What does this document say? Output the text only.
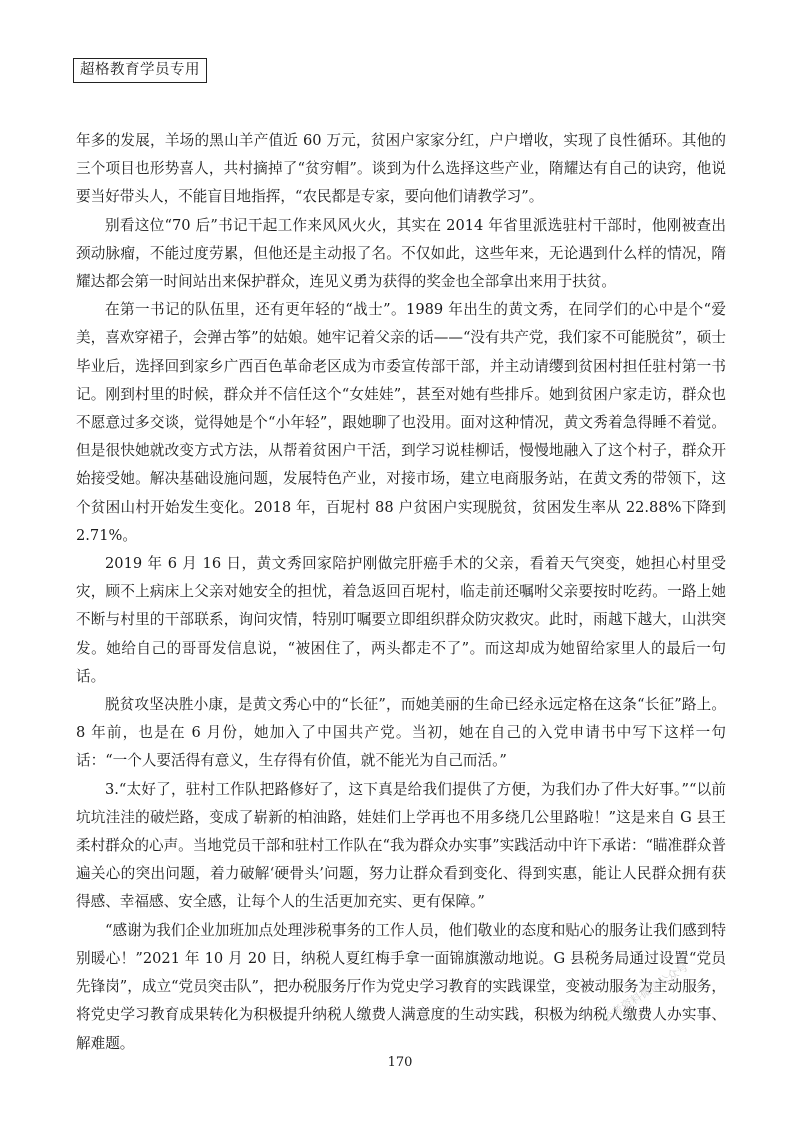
超格教育学员专用

年多的发展，羊场的黑山羊产值近 60 万元，贫困户家家分红，户户增收，实现了良性循环。其他的三个项目也形势喜人，共村摘掉了“贫穷帽”。谈到为什么选择这些产业，隋耀达有自己的诀窍，他说要当好带头人，不能盲目地指挥，“农民都是专家，要向他们请教学习”。

别看这位“70 后”书记干起工作来风风火火，其实在 2014 年省里派选驻村干部时，他刚被查出颈动脉瘤，不能过度劳累，但他还是主动报了名。不仅如此，这些年来，无论遇到什么样的情况，隋耀达都会第一时间站出来保护群众，连见义勇为获得的奖金也全部拿出来用于扶贫。

在第一书记的队伍里，还有更年轻的“战士”。1989 年出生的黄文秀，在同学们的心中是个“爱美，喜欢穿裙子，会弹古筝”的姑娘。她牢记着父亲的话——“没有共产党，我们家不可能脱贫”，硕士毕业后，选择回到家乡广西百色革命老区成为市委宣传部干部，并主动请缨到贫困村担任驻村第一书记。刚到村里的时候，群众并不信任这个“女娃娃”，甚至对她有些排斥。她到贫困户家走访，群众也不愿意过多交谈，觉得她是个“小年轻”，跟她聊了也没用。面对这种情况，黄文秀着急得睡不着觉。但是很快她就改变方式方法，从帮着贫困户干活，到学习说桂柳话，慢慢地融入了这个村子，群众开始接受她。解决基础设施问题，发展特色产业，对接市场，建立电商服务站，在黄文秀的带领下，这个贫困山村开始发生变化。2018 年，百坭村 88 户贫困户实现脱贫，贫困发生率从 22.88%下降到 2.71%。

2019 年 6 月 16 日，黄文秀回家陪护刚做完肝癌手术的父亲，看着天气突变，她担心村里受灾，顾不上病床上父亲对她安全的担忧，着急返回百坭村，临走前还嘱咐父亲要按时吃药。一路上她不断与村里的干部联系，询问灾情，特别叮嘱要立即组织群众防灾救灾。此时，雨越下越大，山洪突发。她给自己的哥哥发信息说，“被困住了，两头都走不了”。而这却成为她留给家里人的最后一句话。

脱贫攻坚决胜小康，是黄文秀心中的“长征”，而她美丽的生命已经永远定格在这条“长征”路上。8 年前，也是在 6 月份，她加入了中国共产党。当初，她在自己的入党申请书中写下这样一句话：“一个人要活得有意义，生存得有价值，就不能光为自己而活。”

3.“太好了，驻村工作队把路修好了，这下真是给我们提供了方便，为我们办了件大好事。”“以前坑坑洼洼的破烂路，变成了崭新的柏油路，娃娃们上学再也不用多绕几公里路啦！”这是来自 G 县王柔村群众的心声。当地党员干部和驻村工作队在“我为群众办实事”实践活动中许下承诺：“瞄准群众普遍关心的突出问题，着力破解‘硬骨头’问题，努力让群众看到变化、得到实惠，能让人民群众拥有获得感、幸福感、安全感，让每个人的生活更加充实、更有保障。”

“感谢为我们企业加班加点处理涉税事务的工作人员，他们敬业的态度和贴心的服务让我们感到特别暖心！”2021 年 10 月 20 日，纳税人夏红梅手拿一面锦旗激动地说。G 县税务局通过设置“党员先锋岗”，成立“党员突击队”，把办税服务厅作为党史学习教育的实践课堂，变被动服务为主动服务，将党史学习教育成果转化为积极提升纳税人缴费人满意度的生动实践，积极为纳税人缴费人办实事、解难题。

公考资料微信公众号
170
